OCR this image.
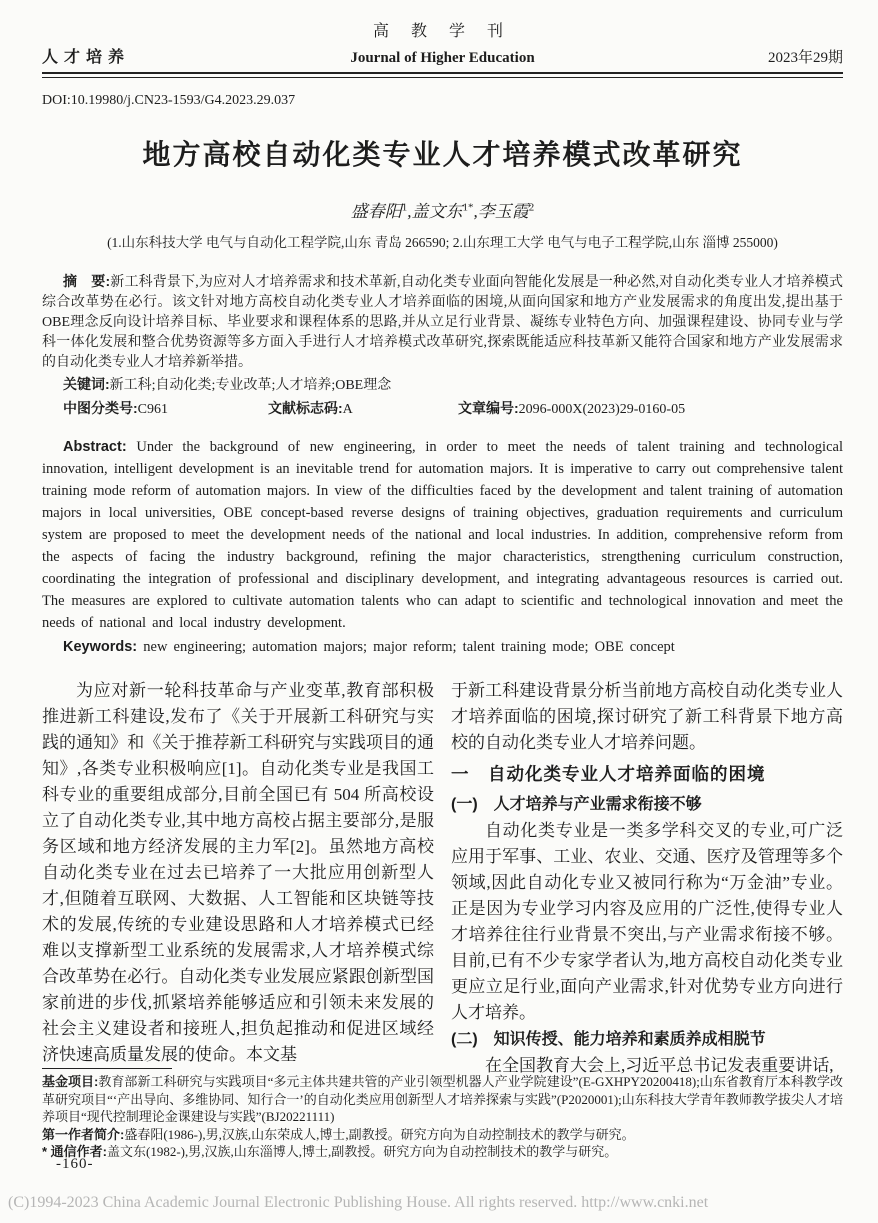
高 教 学 刊
人才培养	Journal of Higher Education	2023年29期
DOI:10.19980/j.CN23-1593/G4.2023.29.037
地方高校自动化类专业人才培养模式改革研究
盛春阳$^1$,盖文东$^{1*}$,李玉霞$^2$
(1.山东科技大学 电气与自动化工程学院,山东 青岛 266590; 2.山东理工大学 电气与电子工程学院,山东 淄博 255000)
摘　要:新工科背景下,为应对人才培养需求和技术革新,自动化类专业面向智能化发展是一种必然,对自动化类专业人才培养模式综合改革势在必行。该文针对地方高校自动化类专业人才培养面临的困境,从面向国家和地方产业发展需求的角度出发,提出基于OBE理念反向设计培养目标、毕业要求和课程体系的思路,并从立足行业背景、凝练专业特色方向、加强课程建设、协同专业与学科一体化发展和整合优势资源等多方面入手进行人才培养模式改革研究,探索既能适应科技革新又能符合国家和地方产业发展需求的自动化类专业人才培养新举措。
关键词:新工科;自动化类;专业改革;人才培养;OBE理念
中图分类号:C961	文献标志码:A	文章编号:2096-000X(2023)29-0160-05
Abstract: Under the background of new engineering, in order to meet the needs of talent training and technological innovation, intelligent development is an inevitable trend for automation majors. It is imperative to carry out comprehensive talent training mode reform of automation majors. In view of the difficulties faced by the development and talent training of automation majors in local universities, OBE concept-based reverse designs of training objectives, graduation requirements and curriculum system are proposed to meet the development needs of the national and local industries. In addition, comprehensive reform from the aspects of facing the industry background, refining the major characteristics, strengthening curriculum construction, coordinating the integration of professional and disciplinary development, and integrating advantageous resources is carried out. The measures are explored to cultivate automation talents who can adapt to scientific and technological innovation and meet the needs of national and local industry development.
Keywords: new engineering; automation majors; major reform; talent training mode; OBE concept

为应对新一轮科技革命与产业变革,教育部积极推进新工科建设,发布了《关于开展新工科研究与实践的通知》和《关于推荐新工科研究与实践项目的通知》,各类专业积极响应[1]。自动化类专业是我国工科专业的重要组成部分,目前全国已有 504 所高校设立了自动化类专业,其中地方高校占据主要部分,是服务区域和地方经济发展的主力军[2]。虽然地方高校自动化类专业在过去已培养了一大批应用创新型人才,但随着互联网、大数据、人工智能和区块链等技术的发展,传统的专业建设思路和人才培养模式已经难以支撑新型工业系统的发展需求,人才培养模式综合改革势在必行。自动化类专业发展应紧跟创新型国家前进的步伐,抓紧培养能够适应和引领未来发展的社会主义建设者和接班人,担负起推动和促进区域经济快速高质量发展的使命。本文基

于新工科建设背景分析当前地方高校自动化类专业人才培养面临的困境,探讨研究了新工科背景下地方高校的自动化类专业人才培养问题。

一　自动化类专业人才培养面临的困境

(一)　人才培养与产业需求衔接不够

自动化类专业是一类多学科交叉的专业,可广泛应用于军事、工业、农业、交通、医疗及管理等多个领域,因此自动化专业又被同行称为“万金油”专业。正是因为专业学习内容及应用的广泛性,使得专业人才培养往往行业背景不突出,与产业需求衔接不够。目前,已有不少专家学者认为,地方高校自动化类专业更应立足行业,面向产业需求,针对优势专业方向进行人才培养。

(二)　知识传授、能力培养和素质养成相脱节

在全国教育大会上,习近平总书记发表重要讲话,

基金项目:教育部新工科研究与实践项目“多元主体共建共管的产业引领型机器人产业学院建设”(E-GXHPY20200418);山东省教育厅本科教学改革研究项目“‘产出导向、多维协同、知行合一’的自动化类应用创新型人才培养探索与实践”(P2020001);山东科技大学青年教师教学拔尖人才培养项目“现代控制理论金课建设与实践”(BJ20221111)

第一作者简介:盛春阳(1986-),男,汉族,山东荣成人,博士,副教授。研究方向为自动控制技术的教学与研究。

* 通信作者:盖文东(1982-),男,汉族,山东淄博人,博士,副教授。研究方向为自动控制技术的教学与研究。

-160-
(C)1994-2023 China Academic Journal Electronic Publishing House. All rights reserved. http://www.cnki.net
